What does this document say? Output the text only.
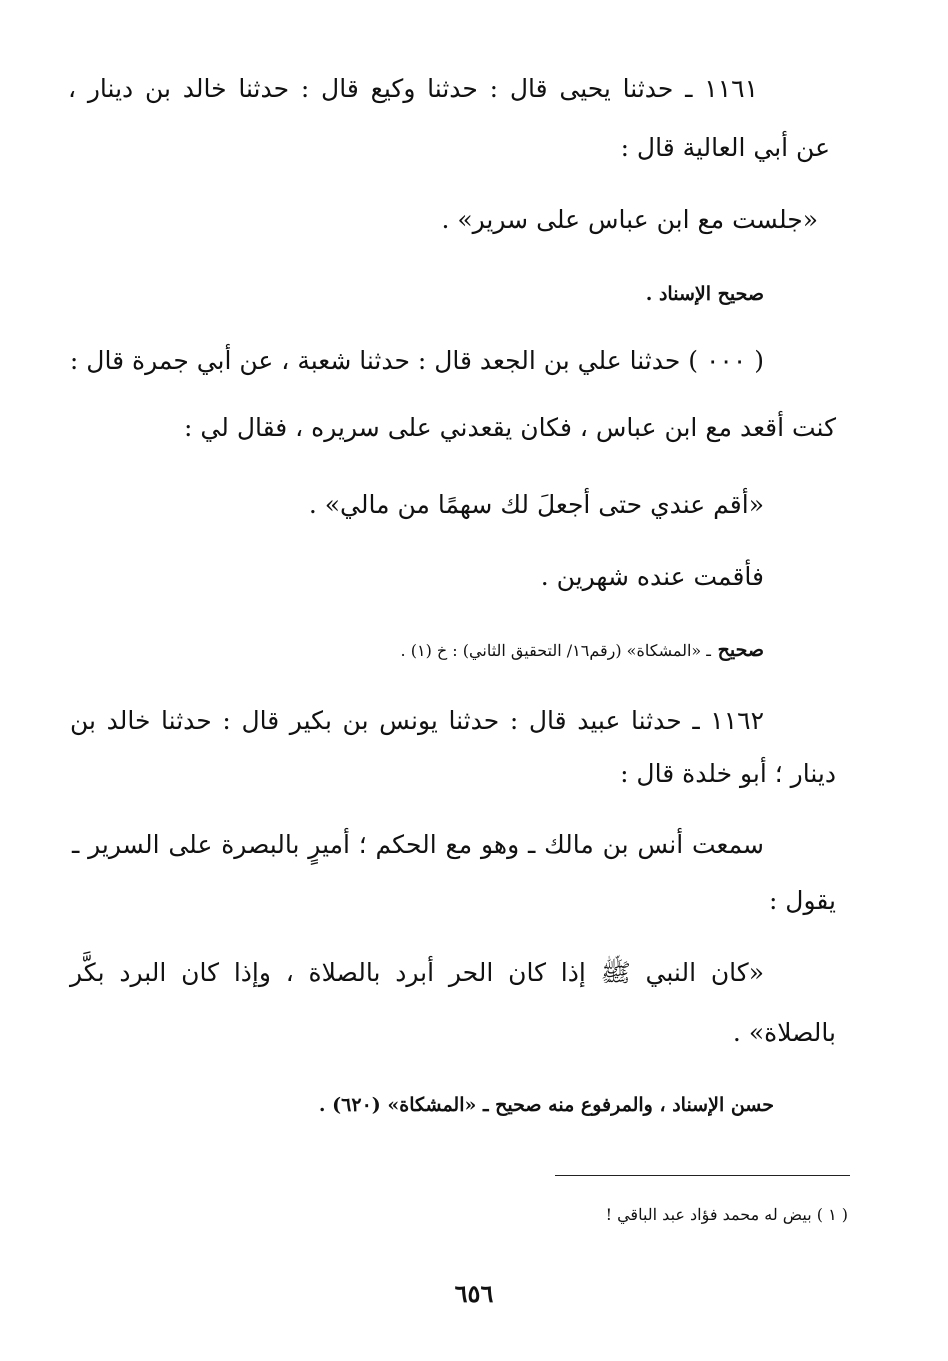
١١٦١ ـ حدثنا يحيى قال : حدثنا وكيع قال : حدثنا خالد بن دينار ،
عن أبي العالية قال :
«جلست مع ابن عباس على سرير» .
صحيح الإسناد .
( ٠٠٠ ) حدثنا علي بن الجعد قال : حدثنا شعبة ، عن أبي جمرة قال :
كنت أقعد مع ابن عباس ، فكان يقعدني على سريره ، فقال لي :
«أقم عندي حتى أجعلَ لك سهمًا من مالي» .
فأقمت عنده شهرين .
صحيح ـ «المشكاة» (رقم١٦/ التحقيق الثاني) : خ (١) .
١١٦٢ ـ حدثنا عبيد قال : حدثنا يونس بن بكير قال : حدثنا خالد بن
دينار ؛ أبو خلدة قال :
سمعت أنس بن مالك ـ وهو مع الحكم ؛ أميرٍ بالبصرة على السرير ـ
يقول :
«كان النبي ﷺ إذا كان الحر أبرد بالصلاة ، وإذا كان البرد بكَّر
بالصلاة» .
حسن الإسناد ، والمرفوع منه صحيح ـ «المشكاة» (٦٢٠) .
( ١ ) بيض له محمد فؤاد عبد الباقي !
٦٥٦
